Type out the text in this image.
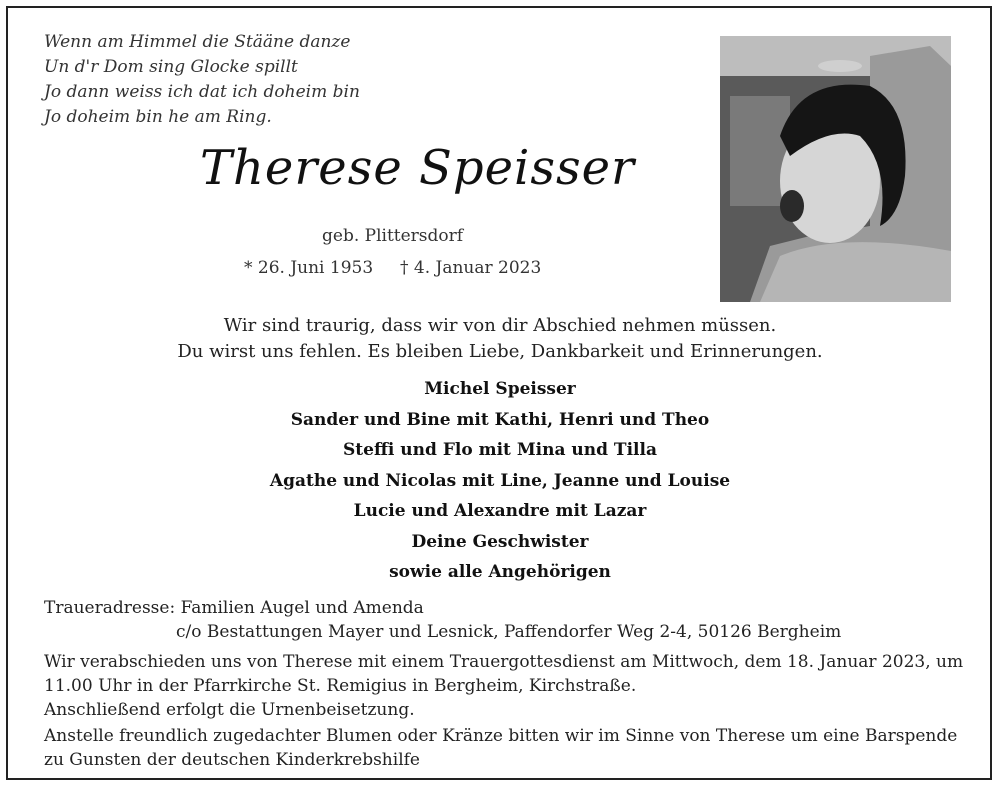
Wenn am Himmel die Stääne danze
Un d'r Dom sing Glocke spillt
Jo dann weiss ich dat ich doheim bin
Jo doheim bin he am Ring.
Therese Speisser
geb. Plittersdorf
* 26. Juni 1953 † 4. Januar 2023
Wir sind traurig, dass wir von dir Abschied nehmen müssen.
Du wirst uns fehlen. Es bleiben Liebe, Dankbarkeit und Erinnerungen.
Michel Speisser
Sander und Bine mit Kathi, Henri und Theo
Steffi und Flo mit Mina und Tilla
Agathe und Nicolas mit Line, Jeanne und Louise
Lucie und Alexandre mit Lazar
Deine Geschwister
sowie alle Angehörigen
Traueradresse: Familien Augel und Amenda
c/o Bestattungen Mayer und Lesnick, Paffendorfer Weg 2-4, 50126 Bergheim
Wir verabschieden uns von Therese mit einem Trauergottesdienst am Mittwoch, dem 18. Januar 2023, um
11.00 Uhr in der Pfarrkirche St. Remigius in Bergheim, Kirchstraße.
Anschließend erfolgt die Urnenbeisetzung.
Anstelle freundlich zugedachter Blumen oder Kränze bitten wir im Sinne von Therese um eine Barspende
zu Gunsten der deutschen Kinderkrebshilfe
